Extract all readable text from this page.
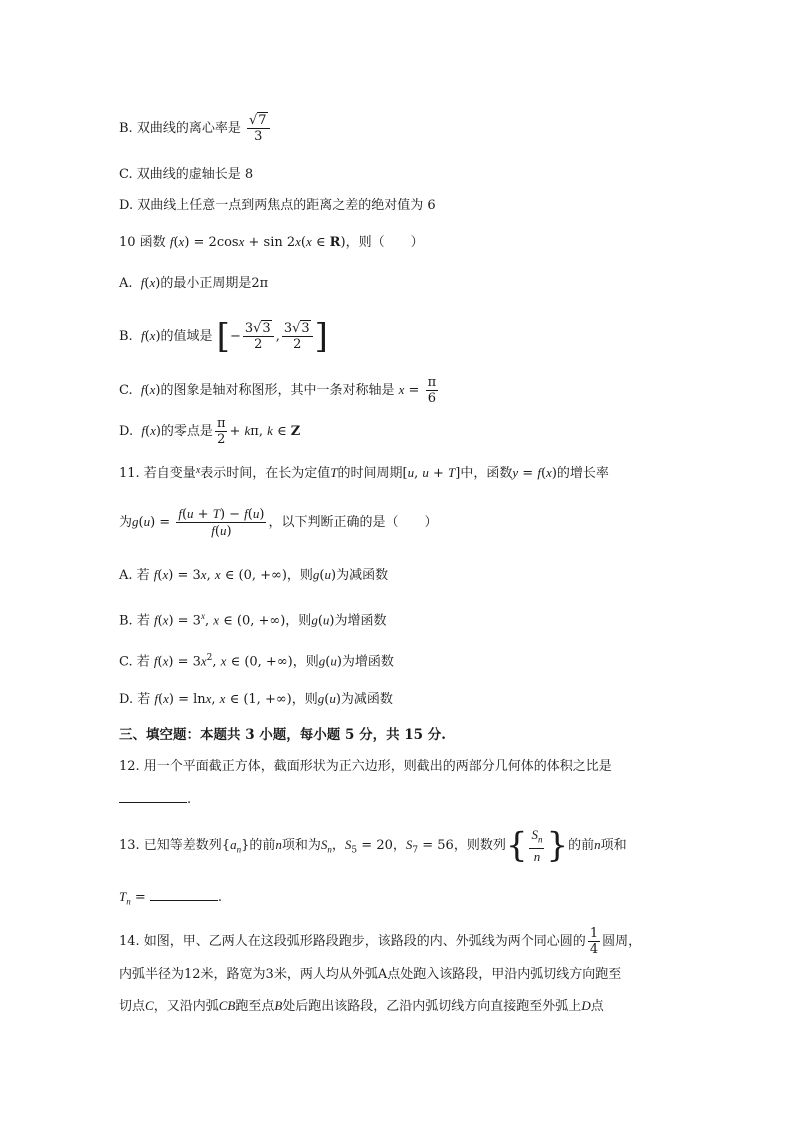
B. 双曲线的离心率是 $\frac{√7}{3}$
C. 双曲线的虚轴长是 8
D. 双曲线上任意一点到两焦点的距离之差的绝对值为 6
10 函数 f(x) = 2cosx + sin 2x(x ∈ R)，则（　　）
A. f(x)的最小正周期是2π
B. f(x)的值域是 [− $\frac{3√3}{2}$ , $\frac{3√3}{2}$ ]
C. f(x)的图象是轴对称图形，其中一条对称轴是 $x = \frac{\pi}{6}$
D. f(x)的零点是 $\frac{\pi}{2} + k\pi$, k ∈ Z
11. 若自变量$^x$表示时间，在长为定值T的时间周期[u, u + T]中，函数y = f(x)的增长率
为$g(u) = \frac{f(u + T) - f(u)}{f(u)}$ ，以下判断正确的是（　　）
A. 若 f(x) = 3x, x ∈ (0, +∞)，则g(u)为减函数
B. 若 $f(x) = 3^x$, x ∈ (0, +∞)，则g(u)为增函数
C. 若 $f(x) = 3x^2$, x ∈ (0, +∞)，则g(u)为增函数
D. 若 f(x) = lnx, x ∈ (1, +∞)，则g(u)为减函数
三、填空题：本题共 3 小题，每小题 5 分，共 15 分.
12. 用一个平面截正方体，截面形状为正六边形，则截出的两部分几何体的体积之比是
.
13. 已知等差数列$\{a_n\}$的前n项和为$S_n$，$S_5 = 20$，$S_7 = 56$，则数列{ $\frac{S_n}{n}$ }的前n项和
$T_n$ =	.
14. 如图，甲、乙两人在这段弧形路段跑步，该路段的内、外弧线为两个同心圆的 $\frac{1}{4}$ 圆周，
内弧半径为12米，路宽为3米，两人均从外弧A点处跑入该路段，甲沿内弧切线方向跑至
切点C，又沿内弧CB跑至点B处后跑出该路段，乙沿内弧切线方向直接跑至外弧上D点
